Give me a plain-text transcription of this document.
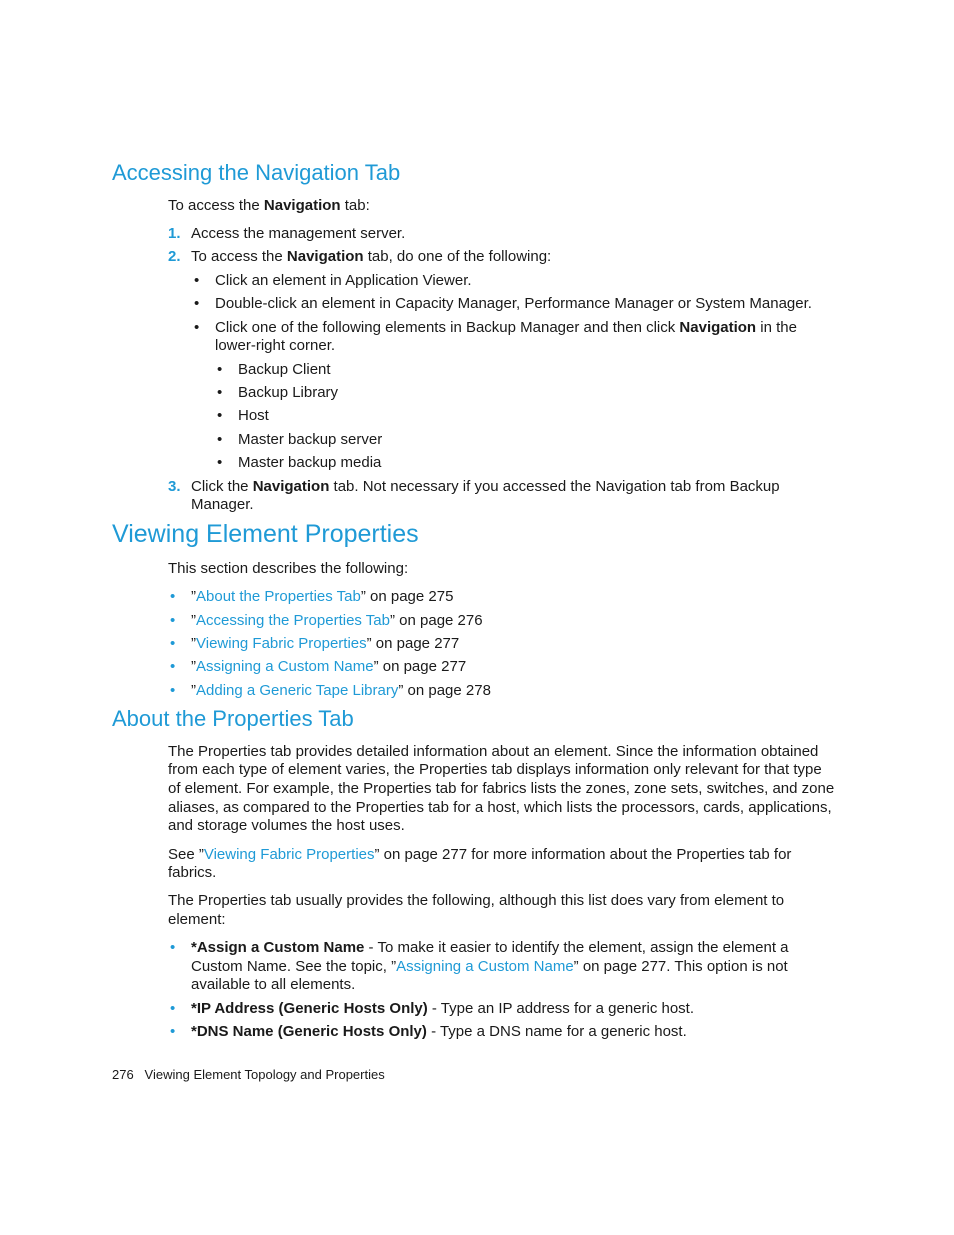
Accessing the Navigation Tab
To access the Navigation tab:
1. Access the management server.
2. To access the Navigation tab, do one of the following:
• Click an element in Application Viewer.
• Double-click an element in Capacity Manager, Performance Manager or System Manager.
• Click one of the following elements in Backup Manager and then click Navigation in the
lower-right corner.
• Backup Client
• Backup Library
• Host
• Master backup server
• Master backup media
3. Click the Navigation tab. Not necessary if you accessed the Navigation tab from Backup
Manager.
Viewing Element Properties
This section describes the following:
• ”About the Properties Tab” on page 275
• ”Accessing the Properties Tab” on page 276
• ”Viewing Fabric Properties” on page 277
• ”Assigning a Custom Name” on page 277
• ”Adding a Generic Tape Library” on page 278
About the Properties Tab
The Properties tab provides detailed information about an element. Since the information obtained
from each type of element varies, the Properties tab displays information only relevant for that type
of element. For example, the Properties tab for fabrics lists the zones, zone sets, switches, and zone
aliases, as compared to the Properties tab for a host, which lists the processors, cards, applications,
and storage volumes the host uses.
See ”Viewing Fabric Properties” on page 277 for more information about the Properties tab for
fabrics.
The Properties tab usually provides the following, although this list does vary from element to
element:
• *Assign a Custom Name - To make it easier to identify the element, assign the element a
Custom Name. See the topic, ”Assigning a Custom Name” on page 277. This option is not
available to all elements.
• *IP Address (Generic Hosts Only) - Type an IP address for a generic host.
• *DNS Name (Generic Hosts Only) - Type a DNS name for a generic host.
276 Viewing Element Topology and Properties
